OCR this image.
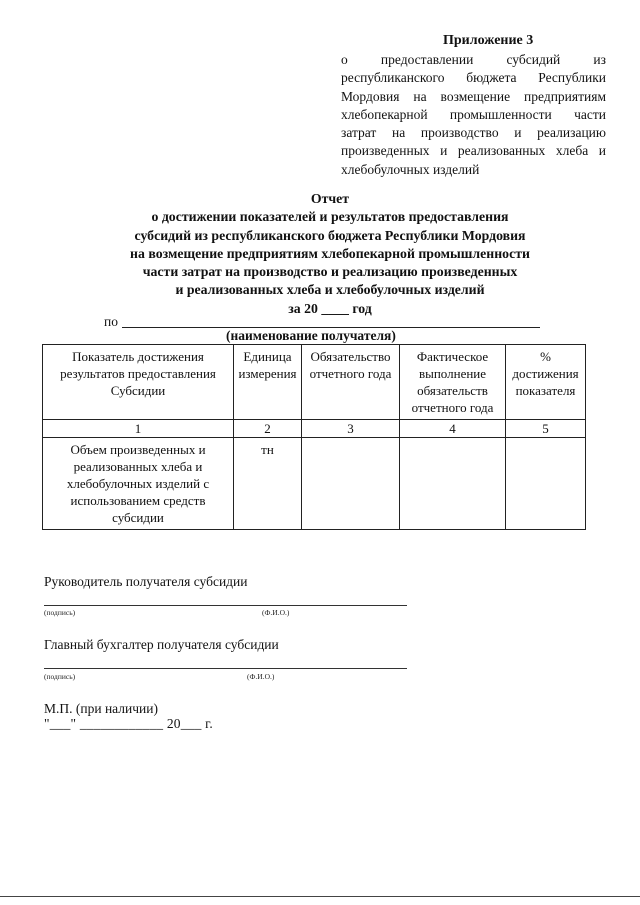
Приложение 3
о предоставлении субсидий из
республиканского бюджета Республики
Мордовия на возмещение предприятиям
хлебопекарной промышленности части
затрат на производство и реализацию
произведенных и реализованных хлеба и
хлебобулочных изделий
Отчет
о достижении показателей и результатов предоставления
субсидий из республиканского бюджета Республики Мордовия
на возмещение предприятиям хлебопекарной промышленности
части затрат на производство и реализацию произведенных
и реализованных хлеба и хлебобулочных изделий
за 20 ____ год
по
(наименование получателя)
Показатель достижения результатов предоставления Субсидии	Единица измерения	Обязательство отчетного года	Фактическое выполнение обязательств отчетного года	% достижения показателя
1	2	3	4	5
Объем произведенных и реализованных хлеба и хлебобулочных изделий с использованием средств субсидии	тн			
Руководитель получателя субсидии
(подпись)	(Ф.И.О.)
Главный бухгалтер получателя субсидии
(подпись)	(Ф.И.О.)
М.П. (при наличии)
"___" ____________ 20___ г.
